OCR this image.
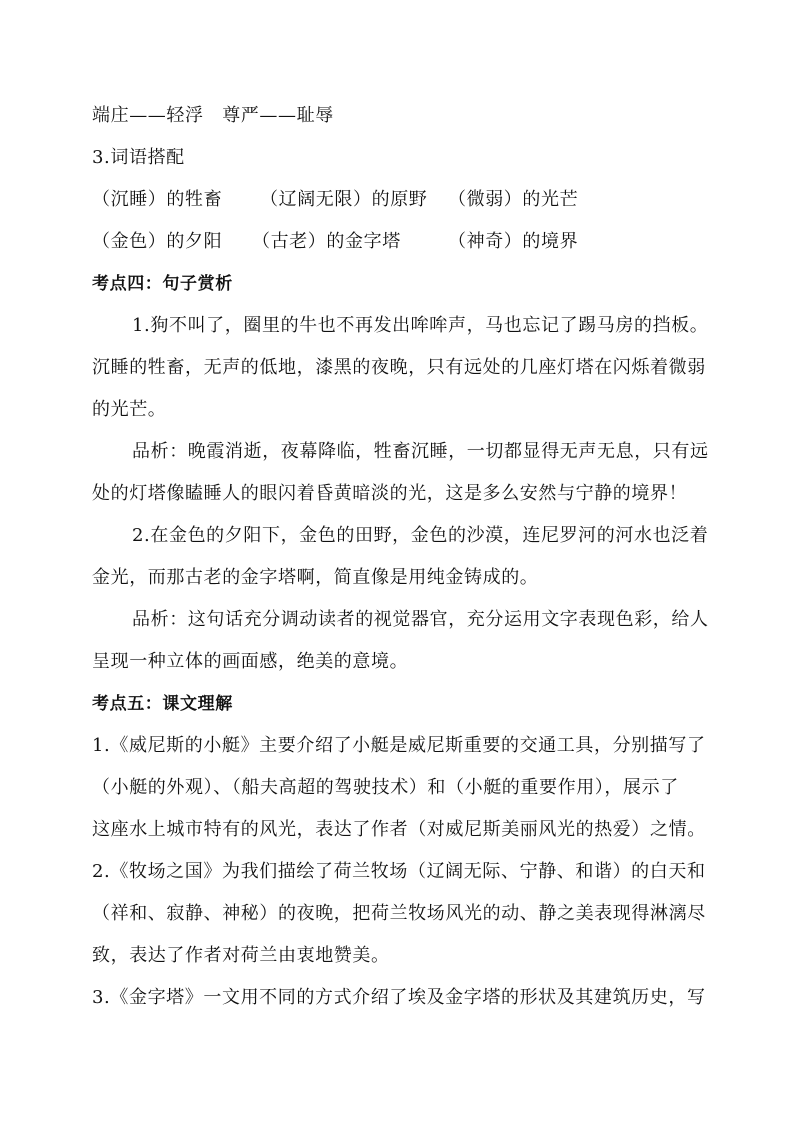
端庄——轻浮　尊严——耻辱
3.词语搭配
（沉睡）的牲畜 （辽阔无限）的原野 （微弱）的光芒
（金色）的夕阳 （古老）的金字塔	（神奇）的境界
考点四：句子赏析
1.狗不叫了，圈里的牛也不再发出哞哞声，马也忘记了踢马房的挡板。
沉睡的牲畜，无声的低地，漆黑的夜晚，只有远处的几座灯塔在闪烁着微弱
的光芒。
品析：晚霞消逝，夜幕降临，牲畜沉睡，一切都显得无声无息，只有远
处的灯塔像瞌睡人的眼闪着昏黄暗淡的光，这是多么安然与宁静的境界！
2.在金色的夕阳下，金色的田野，金色的沙漠，连尼罗河的河水也泛着
金光，而那古老的金字塔啊，简直像是用纯金铸成的。
品析：这句话充分调动读者的视觉器官，充分运用文字表现色彩，给人
呈现一种立体的画面感，绝美的意境。
考点五：课文理解
1.《威尼斯的小艇》主要介绍了小艇是威尼斯重要的交通工具，分别描写了
（小艇的外观）、（船夫高超的驾驶技术）和（小艇的重要作用），展示了
这座水上城市特有的风光，表达了作者（对威尼斯美丽风光的热爱）之情。
2.《牧场之国》为我们描绘了荷兰牧场（辽阔无际、宁静、和谐）的白天和
（祥和、寂静、神秘）的夜晚，把荷兰牧场风光的动、静之美表现得淋漓尽
致，表达了作者对荷兰由衷地赞美。
3.《金字塔》一文用不同的方式介绍了埃及金字塔的形状及其建筑历史，写
